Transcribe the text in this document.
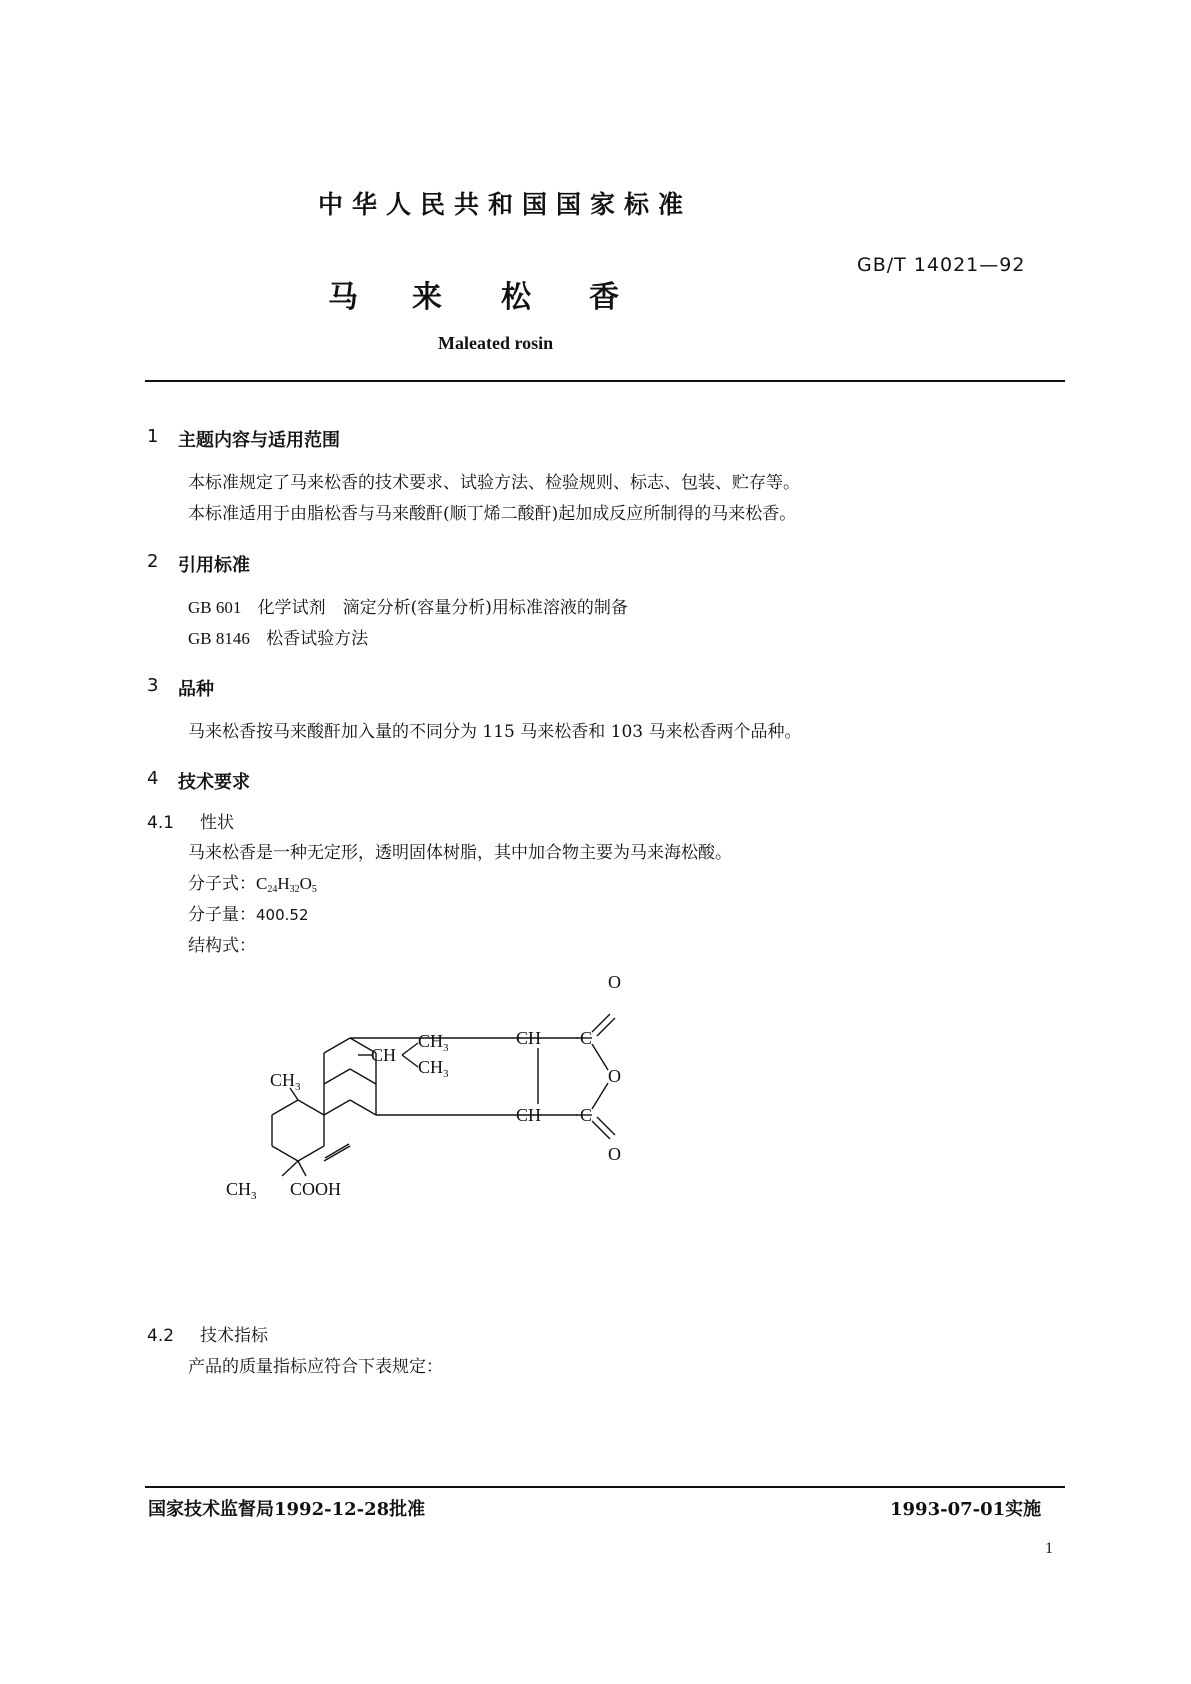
中华人民共和国国家标准
GB/T 14021—92
马 来 松 香
Maleated rosin
1 主题内容与适用范围
本标准规定了马来松香的技术要求、试验方法、检验规则、标志、包装、贮存等。
本标准适用于由脂松香与马来酸酐(顺丁烯二酸酐)起加成反应所制得的马来松香。
2 引用标准
GB 601 化学试剂　滴定分析(容量分析)用标准溶液的制备
GB 8146 松香试验方法
3 品种
马来松香按马来酸酐加入量的不同分为 115 马来松香和 103 马来松香两个品种。
4 技术要求
4.1 性状
马来松香是一种无定形，透明固体树脂，其中加合物主要为马来海松酸。
分子式：$C_{24}H_{32}O_5$
分子量：400.52
结构式：
O
CH C
O
CH C
O
CH
$CH_3$
$CH_3$
$CH_3$
$CH_3$ COOH
4.2 技术指标
产品的质量指标应符合下表规定：
国家技术监督局1992-12-28批准	1993-07-01实施
1
